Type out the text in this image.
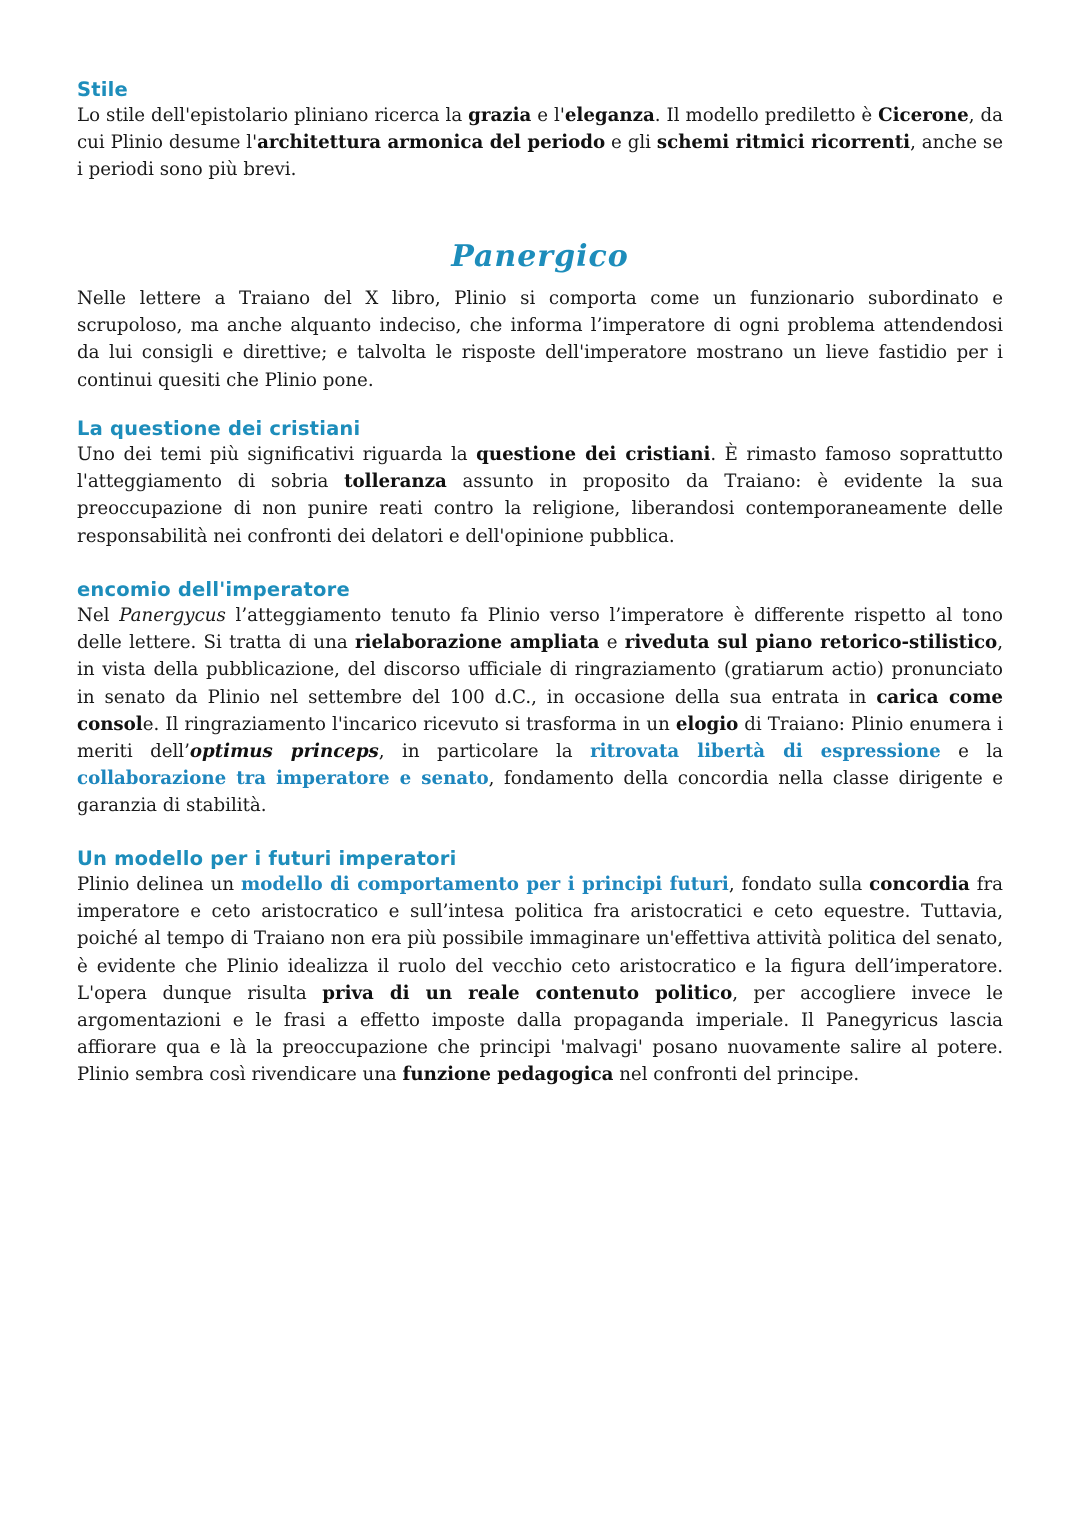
Stile

Lo stile dell'epistolario pliniano ricerca la grazia e l'eleganza. Il modello prediletto è Cicerone, da cui Plinio desume l'architettura armonica del periodo e gli schemi ritmici ricorrenti, anche se i periodi sono più brevi.

Panergico

Nelle lettere a Traiano del X libro, Plinio si comporta come un funzionario subordinato e scrupoloso, ma anche alquanto indeciso, che informa l’imperatore di ogni problema attendendosi da lui consigli e direttive; e talvolta le risposte dell'imperatore mostrano un lieve fastidio per i continui quesiti che Plinio pone.

La questione dei cristiani

Uno dei temi più significativi riguarda la questione dei cristiani. È rimasto famoso soprattutto l'atteggiamento di sobria tolleranza assunto in proposito da Traiano: è evidente la sua preoccupazione di non punire reati contro la religione, liberandosi contemporaneamente delle responsabilità nei confronti dei delatori e dell'opinione pubblica.

encomio dell'imperatore

Nel Panergycus l’atteggiamento tenuto fa Plinio verso l’imperatore è differente rispetto al tono delle lettere. Si tratta di una rielaborazione ampliata e riveduta sul piano retorico-stilistico, in vista della pubblicazione, del discorso ufficiale di ringraziamento (gratiarum actio) pronunciato in senato da Plinio nel settembre del 100 d.C., in occasione della sua entrata in carica come console. Il ringraziamento l'incarico ricevuto si trasforma in un elogio di Traiano: Plinio enumera i meriti dell’optimus princeps, in particolare la ritrovata libertà di espressione e la collaborazione tra imperatore e senato, fondamento della concordia nella classe dirigente e garanzia di stabilità.

Un modello per i futuri imperatori

Plinio delinea un modello di comportamento per i principi futuri, fondato sulla concordia fra imperatore e ceto aristocratico e sull’intesa politica fra aristocratici e ceto equestre. Tuttavia, poiché al tempo di Traiano non era più possibile immaginare un'effettiva attività politica del senato, è evidente che Plinio idealizza il ruolo del vecchio ceto aristocratico e la figura dell’imperatore. L'opera dunque risulta priva di un reale contenuto politico, per accogliere invece le argomentazioni e le frasi a effetto imposte dalla propaganda imperiale. Il Panegyricus lascia affiorare qua e là la preoccupazione che principi 'malvagi' posano nuovamente salire al potere. Plinio sembra così rivendicare una funzione pedagogica nel confronti del principe.
